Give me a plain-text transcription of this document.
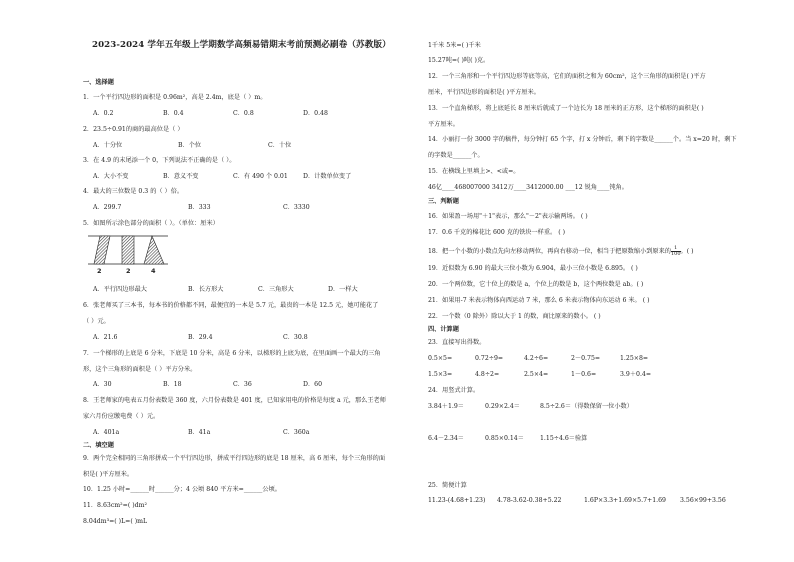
2023-2024 学年五年级上学期数学高频易错期末考前预测必刷卷（苏教版）
一、选择题
1．一个平行四边形的面积是 0.96m²，高是 2.4m，底是（ ）m。
A．0.2	B．0.4	C．0.8	D．0.48
2．23.5÷0.91的商的最高位是（ ）
A．十分位	B．个位	C．十位
3．在 4.9 的末尾添一个 0，下列说法不正确的是（ ）。
A．大小不变	B．意义不变	C．有 490 个 0.01 D．计数单位变了
4．最大的三位数是 0.3 的（ ）倍。
A．299.7	B．333	C．3330
5．如图所示涂色部分的面积（ ）。（单位：厘米）
2	2	4
A．平行四边形最大	B．长方形大	C．三角形大	D．一样大
6．张老师买了三本书，每本书的价格都不同，最便宜的一本是 5.7 元，最贵的一本是 12.5 元，她可能花了
（ ）元。
A．21.6	B．29.4	C．30.8
7．一个梯形的上底是 6 分米，下底是 10 分米，高是 6 分米，以梯形的上底为底，在里面画一个最大的三角
形，这个三角形的面积是（ ）平方分米。
A．30	B．18	C．36	D．60
8．王老师家的电表五月份表数是 360 度，六月份表数是 401 度，已知家用电的价格是每度 a 元，那么王老师
家六月份应缴电费（ ）元。
A．401a	B．41a	C．360a
二、填空题
9．两个完全相同的三角形拼成一个平行四边形，拼成平行四边形的底是 18 厘米，高 6 厘米，每个三角形的面
积是( )平方厘米。
10．1.25 小时=______时______分；4 公顷 840 平方米=______公顷。
11．8.63cm²=( )dm²
8.04dm³=( )L=( )mL
1千米 5米=( )千米
15.27吨=( )吨( )克。
12．一个三角形和一个平行四边形等底等高，它们的面积之和为 60cm²，这个三角形的面积是( )平方
厘米，平行四边形的面积是( )平方厘米。
13．一个直角梯形，将上底延长 8 厘米后就成了一个边长为 18 厘米的正方形，这个梯形的面积是( )
平方厘米。
14．小丽打一份 3000 字的稿件，每分钟打 65 个字，打 x 分钟后，剩下的字数是______个。当 x=20 时，剩下
的字数是______个。
15．在横线上里填上>、<或=。
46亿____468007000 3412万____3412000.00 ___12 锐角____钝角。
三、判断题
16．如果盈一场用"＋1"表示，那么"－2"表示输两场。 ( )
17．0.6 千克的棉花比 600 克的铁块一样重。 ( )
18．把一个小数的小数点先向左移动两位，再向右移动一位，相当于把原数缩小到原来的 $\frac{1}{100}$。( )
19．近似数为 6.90 的最大三位小数为 6.904，最小三位小数是 6.895。 ( )
20．一个两位数，它十位上的数是 a，个位上的数是 b，这个两位数是 ab。( )
21．如果用-7 米表示物体向西运动 7 米，那么 6 米表示物体向东运动 6 米。 ( )
22．一个数（0 除外）除以大于 1 的数，商比原来的数小。 ( )
四、计算题
23．直接写出得数。
0.5×5=	0.72÷9=	4.2÷6=	2－0.75=	1.25×8=
1.5×3=	4.8÷2=	2.5×4=	1－0.6=	3.9＋0.4=
24．用竖式计算。
3.84＋1.9＝	0.29×2.4＝	8.5÷2.6＝（得数保留一位小数）
6.4－2.34＝	0.85×0.14＝	1.15÷4.6＝验算
25．简便计算
11.23-(4.68+1.23) 4.78-3.62-0.38+5.22	1.6P×3.3+1.69×5.7+1.69 3.56×99+3.56
